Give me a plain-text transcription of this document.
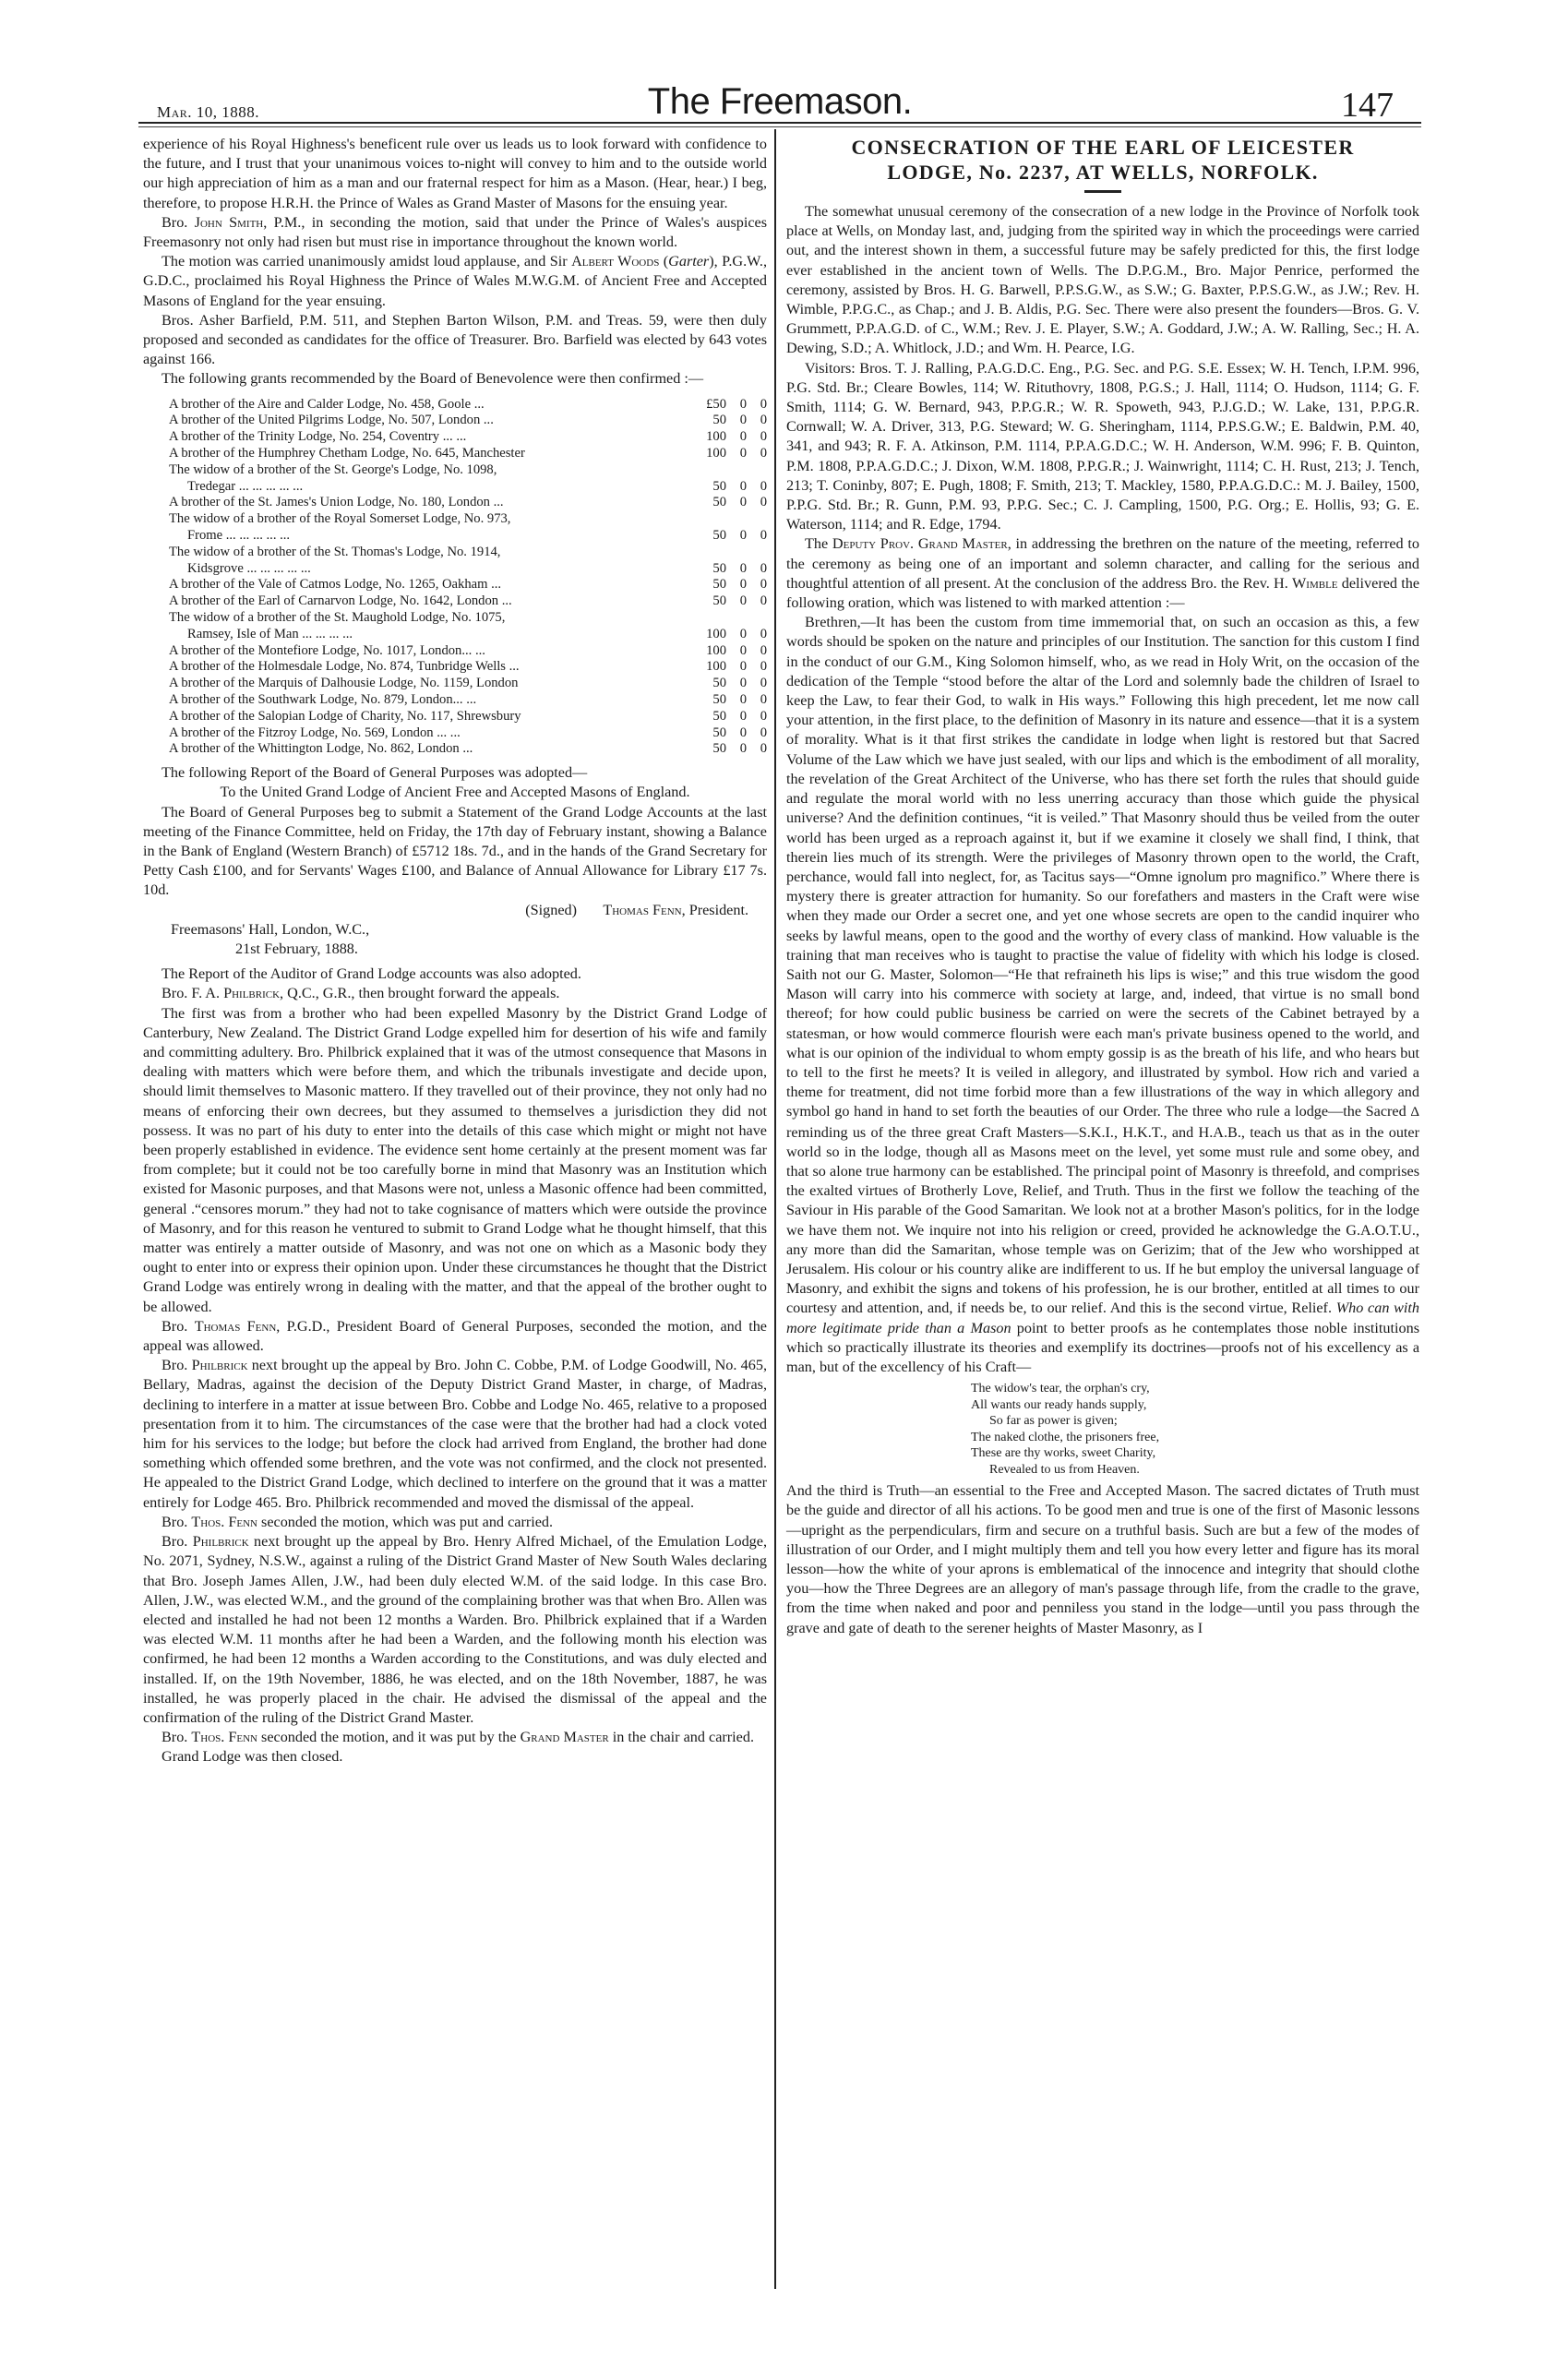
Mar. 10, 1888.	The Freemason.	147

experience of his Royal Highness's beneficent rule over us leads us to look forward with confidence to the future, and I trust that your unanimous voices to-night will convey to him and to the outside world our high appreciation of him as a man and our fraternal respect for him as a Mason. (Hear, hear.) I beg, therefore, to propose H.R.H. the Prince of Wales as Grand Master of Masons for the ensuing year.

Bro. John Smith, P.M., in seconding the motion, said that under the Prince of Wales's auspices Freemasonry not only had risen but must rise in importance throughout the known world.

The motion was carried unanimously amidst loud applause, and Sir Albert Woods (Garter), P.G.W., G.D.C., proclaimed his Royal Highness the Prince of Wales M.W.G.M. of Ancient Free and Accepted Masons of England for the year ensuing.

Bros. Asher Barfield, P.M. 511, and Stephen Barton Wilson, P.M. and Treas. 59, were then duly proposed and seconded as candidates for the office of Treasurer. Bro. Barfield was elected by 643 votes against 166.

The following grants recommended by the Board of Benevolence were then confirmed :—

A brother of the Aire and Calder Lodge, No. 458, Goole ...	£50	0	0
A brother of the United Pilgrims Lodge, No. 507, London ...	50	0	0
A brother of the Trinity Lodge, No. 254, Coventry ... ...	100	0	0
A brother of the Humphrey Chetham Lodge, No. 645, Manchester	100	0	0
The widow of a brother of the St. George's Lodge, No. 1098,
Tredegar ... ... ... ... ...	50	0	0
A brother of the St. James's Union Lodge, No. 180, London ...	50	0	0
The widow of a brother of the Royal Somerset Lodge, No. 973,
Frome ... ... ... ... ...	50	0	0
The widow of a brother of the St. Thomas's Lodge, No. 1914,
Kidsgrove ... ... ... ... ...	50	0	0
A brother of the Vale of Catmos Lodge, No. 1265, Oakham ...	50	0	0
A brother of the Earl of Carnarvon Lodge, No. 1642, London ...	50	0	0
The widow of a brother of the St. Maughold Lodge, No. 1075,
Ramsey, Isle of Man ... ... ... ...	100	0	0
A brother of the Montefiore Lodge, No. 1017, London... ...	100	0	0
A brother of the Holmesdale Lodge, No. 874, Tunbridge Wells ...	100	0	0
A brother of the Marquis of Dalhousie Lodge, No. 1159, London	50	0	0
A brother of the Southwark Lodge, No. 879, London... ...	50	0	0
A brother of the Salopian Lodge of Charity, No. 117, Shrewsbury	50	0	0
A brother of the Fitzroy Lodge, No. 569, London ... ...	50	0	0
A brother of the Whittington Lodge, No. 862, London ...	50	0	0

The following Report of the Board of General Purposes was adopted—

To the United Grand Lodge of Ancient Free and Accepted Masons of England.

The Board of General Purposes beg to submit a Statement of the Grand Lodge Accounts at the last meeting of the Finance Committee, held on Friday, the 17th day of February instant, showing a Balance in the Bank of England (Western Branch) of £5712 18s. 7d., and in the hands of the Grand Secretary for Petty Cash £100, and for Servants' Wages £100, and Balance of Annual Allowance for Library £17 7s. 10d.

(Signed) Thomas Fenn, President.

Freemasons' Hall, London, W.C.,

21st February, 1888.

The Report of the Auditor of Grand Lodge accounts was also adopted.

Bro. F. A. Philbrick, Q.C., G.R., then brought forward the appeals.

The first was from a brother who had been expelled Masonry by the District Grand Lodge of Canterbury, New Zealand. The District Grand Lodge expelled him for desertion of his wife and family and committing adultery. Bro. Philbrick explained that it was of the utmost consequence that Masons in dealing with matters which were before them, and which the tribunals investigate and decide upon, should limit themselves to Masonic mattero. If they travelled out of their province, they not only had no means of enforcing their own decrees, but they assumed to themselves a jurisdiction they did not possess. It was no part of his duty to enter into the details of this case which might or might not have been properly established in evidence. The evidence sent home certainly at the present moment was far from complete; but it could not be too carefully borne in mind that Masonry was an Institution which existed for Masonic purposes, and that Masons were not, unless a Masonic offence had been committed, general .“censores morum.” they had not to take cognisance of matters which were outside the province of Masonry, and for this reason he ventured to submit to Grand Lodge what he thought himself, that this matter was entirely a matter outside of Masonry, and was not one on which as a Masonic body they ought to enter into or express their opinion upon. Under these circumstances he thought that the District Grand Lodge was entirely wrong in dealing with the matter, and that the appeal of the brother ought to be allowed.

Bro. Thomas Fenn, P.G.D., President Board of General Purposes, seconded the motion, and the appeal was allowed.

Bro. Philbrick next brought up the appeal by Bro. John C. Cobbe, P.M. of Lodge Goodwill, No. 465, Bellary, Madras, against the decision of the Deputy District Grand Master, in charge, of Madras, declining to interfere in a matter at issue between Bro. Cobbe and Lodge No. 465, relative to a proposed presentation from it to him. The circumstances of the case were that the brother had had a clock voted him for his services to the lodge; but before the clock had arrived from England, the brother had done something which offended some brethren, and the vote was not confirmed, and the clock not presented. He appealed to the District Grand Lodge, which declined to interfere on the ground that it was a matter entirely for Lodge 465. Bro. Philbrick recommended and moved the dismissal of the appeal.

Bro. Thos. Fenn seconded the motion, which was put and carried.

Bro. Philbrick next brought up the appeal by Bro. Henry Alfred Michael, of the Emulation Lodge, No. 2071, Sydney, N.S.W., against a ruling of the District Grand Master of New South Wales declaring that Bro. Joseph James Allen, J.W., had been duly elected W.M. of the said lodge. In this case Bro. Allen, J.W., was elected W.M., and the ground of the complaining brother was that when Bro. Allen was elected and installed he had not been 12 months a Warden. Bro. Philbrick explained that if a Warden was elected W.M. 11 months after he had been a Warden, and the following month his election was confirmed, he had been 12 months a Warden according to the Constitutions, and was duly elected and installed. If, on the 19th November, 1886, he was elected, and on the 18th November, 1887, he was installed, he was properly placed in the chair. He advised the dismissal of the appeal and the confirmation of the ruling of the District Grand Master.

Bro. Thos. Fenn seconded the motion, and it was put by the Grand Master in the chair and carried.

Grand Lodge was then closed.

CONSECRATION OF THE EARL OF LEICESTER
LODGE, No. 2237, AT WELLS, NORFOLK.

The somewhat unusual ceremony of the consecration of a new lodge in the Province of Norfolk took place at Wells, on Monday last, and, judging from the spirited way in which the proceedings were carried out, and the interest shown in them, a successful future may be safely predicted for this, the first lodge ever established in the ancient town of Wells. The D.P.G.M., Bro. Major Penrice, performed the ceremony, assisted by Bros. H. G. Barwell, P.P.S.G.W., as S.W.; G. Baxter, P.P.S.G.W., as J.W.; Rev. H. Wimble, P.P.G.C., as Chap.; and J. B. Aldis, P.G. Sec. There were also present the founders—Bros. G. V. Grummett, P.P.A.G.D. of C., W.M.; Rev. J. E. Player, S.W.; A. Goddard, J.W.; A. W. Ralling, Sec.; H. A. Dewing, S.D.; A. Whitlock, J.D.; and Wm. H. Pearce, I.G.

Visitors: Bros. T. J. Ralling, P.A.G.D.C. Eng., P.G. Sec. and P.G. S.E. Essex; W. H. Tench, I.P.M. 996, P.G. Std. Br.; Cleare Bowles, 114; W. Rituthovry, 1808, P.G.S.; J. Hall, 1114; O. Hudson, 1114; G. F. Smith, 1114; G. W. Bernard, 943, P.P.G.R.; W. R. Spoweth, 943, P.J.G.D.; W. Lake, 131, P.P.G.R. Cornwall; W. A. Driver, 313, P.G. Steward; W. G. Sheringham, 1114, P.P.S.G.W.; E. Baldwin, P.M. 40, 341, and 943; R. F. A. Atkinson, P.M. 1114, P.P.A.G.D.C.; W. H. Anderson, W.M. 996; F. B. Quinton, P.M. 1808, P.P.A.G.D.C.; J. Dixon, W.M. 1808, P.P.G.R.; J. Wainwright, 1114; C. H. Rust, 213; J. Tench, 213; T. Coninby, 807; E. Pugh, 1808; F. Smith, 213; T. Mackley, 1580, P.P.A.G.D.C.: M. J. Bailey, 1500, P.P.G. Std. Br.; R. Gunn, P.M. 93, P.P.G. Sec.; C. J. Campling, 1500, P.G. Org.; E. Hollis, 93; G. E. Waterson, 1114; and R. Edge, 1794.

The Deputy Prov. Grand Master, in addressing the brethren on the nature of the meeting, referred to the ceremony as being one of an important and solemn character, and calling for the serious and thoughtful attention of all present. At the conclusion of the address Bro. the Rev. H. Wimble delivered the following oration, which was listened to with marked attention :—

Brethren,—It has been the custom from time immemorial that, on such an occasion as this, a few words should be spoken on the nature and principles of our Institution. The sanction for this custom I find in the conduct of our G.M., King Solomon himself, who, as we read in Holy Writ, on the occasion of the dedication of the Temple “stood before the altar of the Lord and solemnly bade the children of Israel to keep the Law, to fear their God, to walk in His ways.” Following this high precedent, let me now call your attention, in the first place, to the definition of Masonry in its nature and essence—that it is a system of morality. What is it that first strikes the candidate in lodge when light is restored but that Sacred Volume of the Law which we have just sealed, with our lips and which is the embodiment of all morality, the revelation of the Great Architect of the Universe, who has there set forth the rules that should guide and regulate the moral world with no less unerring accuracy than those which guide the physical universe? And the definition continues, “it is veiled.” That Masonry should thus be veiled from the outer world has been urged as a reproach against it, but if we examine it closely we shall find, I think, that therein lies much of its strength. Were the privileges of Masonry thrown open to the world, the Craft, perchance, would fall into neglect, for, as Tacitus says—“Omne ignolum pro magnifico.” Where there is mystery there is greater attraction for humanity. So our forefathers and masters in the Craft were wise when they made our Order a secret one, and yet one whose secrets are open to the candid inquirer who seeks by lawful means, open to the good and the worthy of every class of mankind. How valuable is the training that man receives who is taught to practise the value of fidelity with which his lodge is closed. Saith not our G. Master, Solomon—“He that refraineth his lips is wise;” and this true wisdom the good Mason will carry into his commerce with society at large, and, indeed, that virtue is no small bond thereof; for how could public business be carried on were the secrets of the Cabinet betrayed by a statesman, or how would commerce flourish were each man's private business opened to the world, and what is our opinion of the individual to whom empty gossip is as the breath of his life, and who hears but to tell to the first he meets? It is veiled in allegory, and illustrated by symbol. How rich and varied a theme for treatment, did not time forbid more than a few illustrations of the way in which allegory and symbol go hand in hand to set forth the beauties of our Order. The three who rule a lodge—the Sacred Δ reminding us of the three great Craft Masters—S.K.I., H.K.T., and H.A.B., teach us that as in the outer world so in the lodge, though all as Masons meet on the level, yet some must rule and some obey, and that so alone true harmony can be established. The principal point of Masonry is threefold, and comprises the exalted virtues of Brotherly Love, Relief, and Truth. Thus in the first we follow the teaching of the Saviour in His parable of the Good Samaritan. We look not at a brother Mason's politics, for in the lodge we have them not. We inquire not into his religion or creed, provided he acknowledge the G.A.O.T.U., any more than did the Samaritan, whose temple was on Gerizim; that of the Jew who worshipped at Jerusalem. His colour or his country alike are indifferent to us. If he but employ the universal language of Masonry, and exhibit the signs and tokens of his profession, he is our brother, entitled at all times to our courtesy and attention, and, if needs be, to our relief. And this is the second virtue, Relief. Who can with more legitimate pride than a Mason point to better proofs as he contemplates those noble institutions which so practically illustrate its theories and exemplify its doctrines—proofs not of his excellency as a man, but of the excellency of his Craft—

The widow's tear, the orphan's cry,
All wants our ready hands supply,
So far as power is given;
The naked clothe, the prisoners free,
These are thy works, sweet Charity,
Revealed to us from Heaven.

And the third is Truth—an essential to the Free and Accepted Mason. The sacred dictates of Truth must be the guide and director of all his actions. To be good men and true is one of the first of Masonic lessons—upright as the perpendiculars, firm and secure on a truthful basis. Such are but a few of the modes of illustration of our Order, and I might multiply them and tell you how every letter and figure has its moral lesson—how the white of your aprons is emblematical of the innocence and integrity that should clothe you—how the Three Degrees are an allegory of man's passage through life, from the cradle to the grave, from the time when naked and poor and penniless you stand in the lodge—until you pass through the grave and gate of death to the serener heights of Master Masonry, as I
